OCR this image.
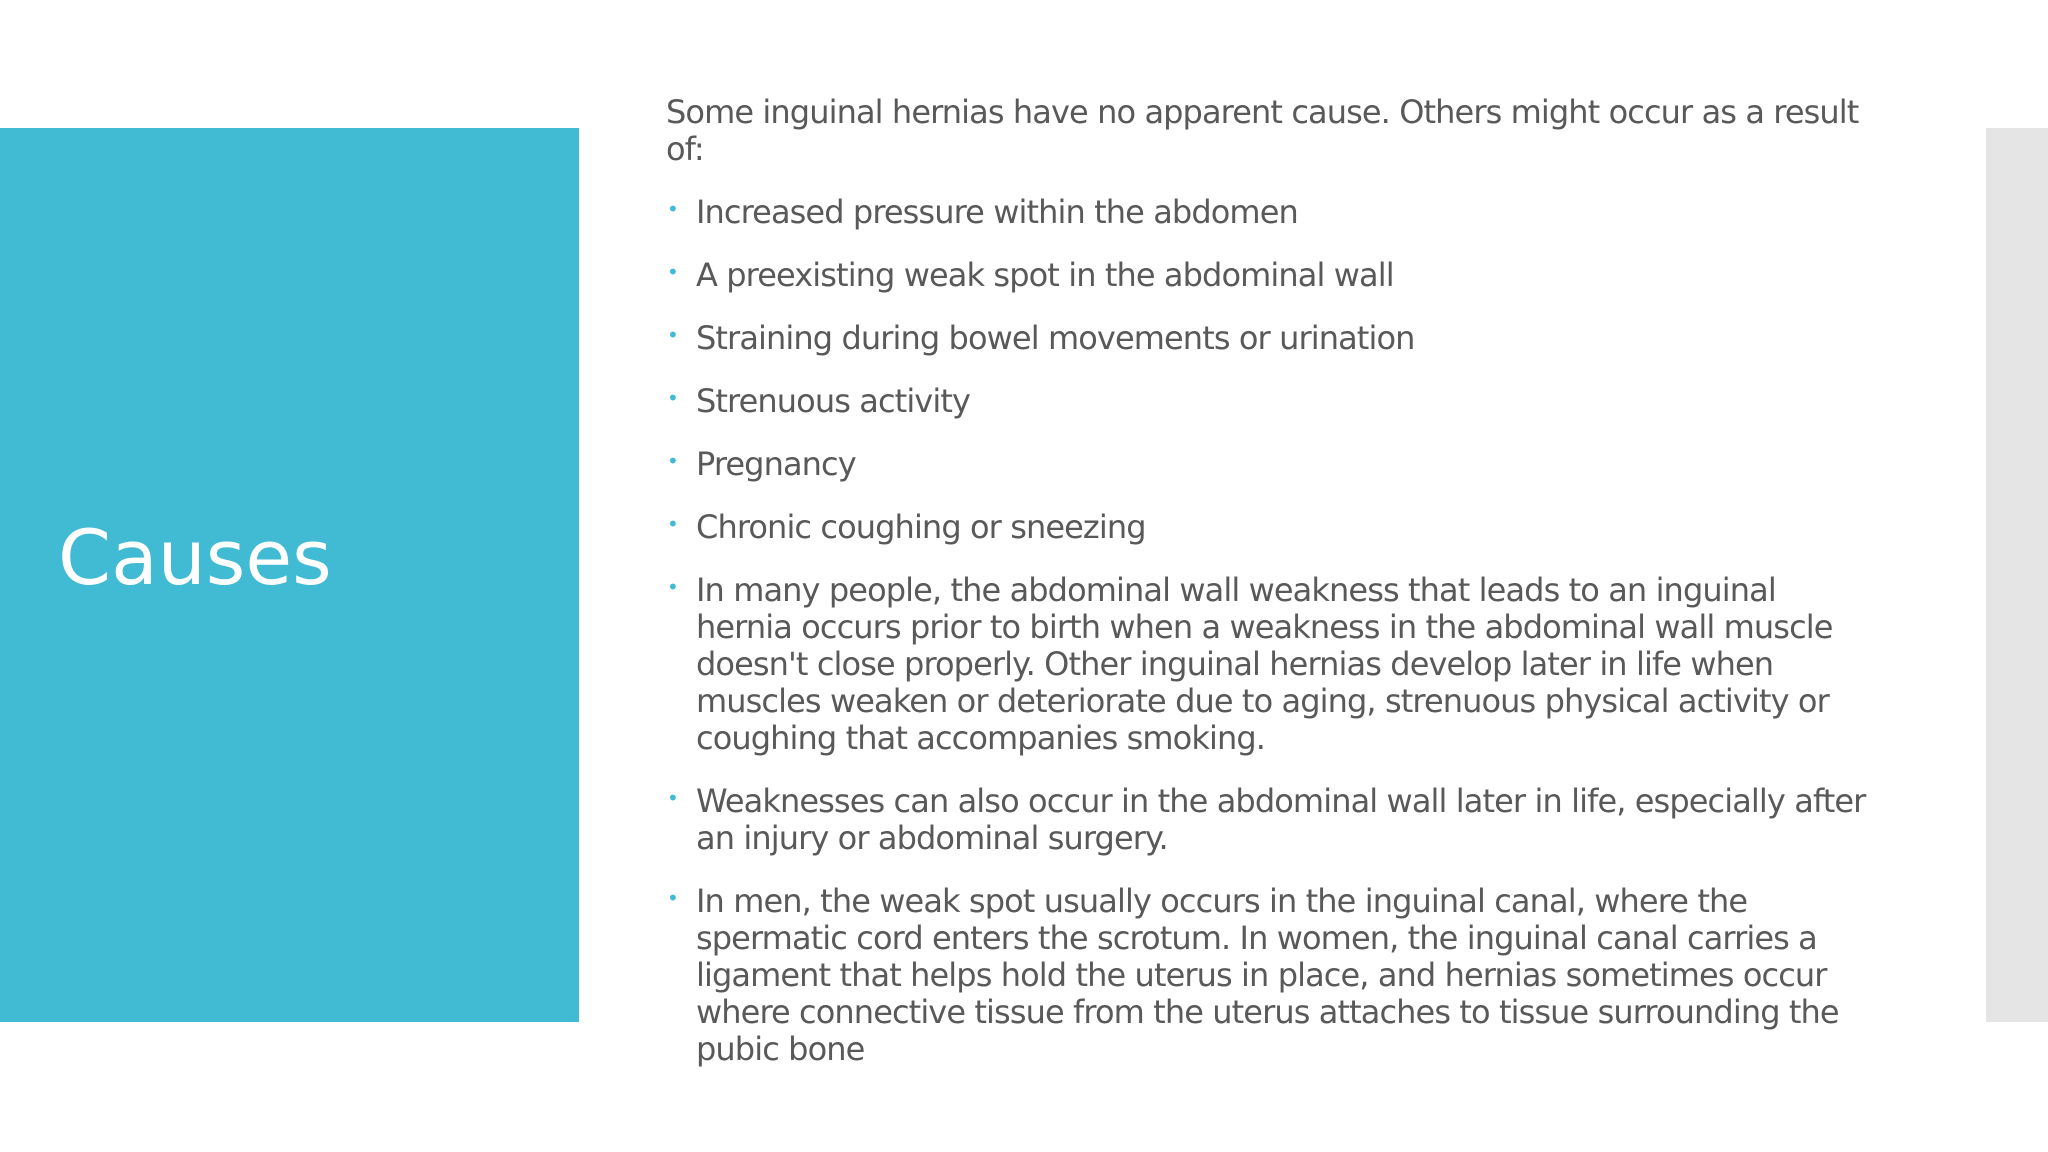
Causes

Some inguinal hernias have no apparent cause. Others might occur as a result of:

• Increased pressure within the abdomen
• A preexisting weak spot in the abdominal wall
• Straining during bowel movements or urination
• Strenuous activity
• Pregnancy
• Chronic coughing or sneezing
• In many people, the abdominal wall weakness that leads to an inguinal hernia occurs prior to birth when a weakness in the abdominal wall muscle doesn't close properly. Other inguinal hernias develop later in life when muscles weaken or deteriorate due to aging, strenuous physical activity or coughing that accompanies smoking.
• Weaknesses can also occur in the abdominal wall later in life, especially after an injury or abdominal surgery.
• In men, the weak spot usually occurs in the inguinal canal, where the spermatic cord enters the scrotum. In women, the inguinal canal carries a ligament that helps hold the uterus in place, and hernias sometimes occur where connective tissue from the uterus attaches to tissue surrounding the pubic bone
